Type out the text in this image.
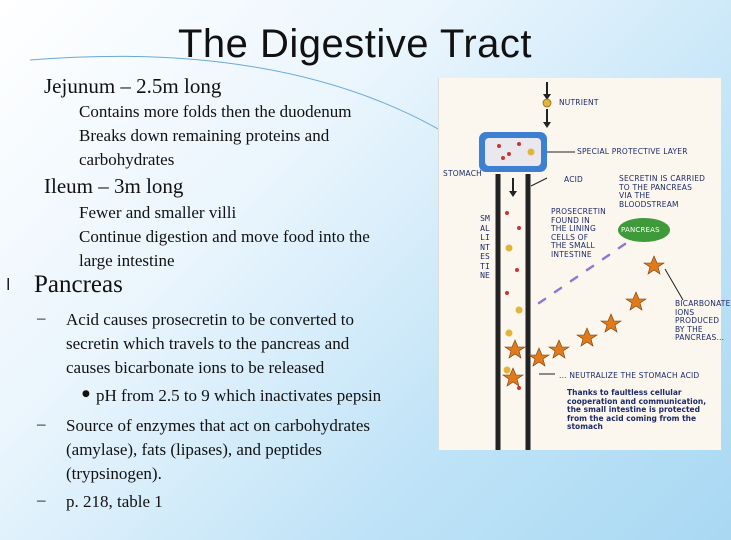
The Digestive Tract
Jejunum – 2.5m long
Contains more folds then the duodenum
Breaks down remaining proteins and
carbohydrates
Ileum – 3m long
Fewer and smaller villi
Continue digestion and move food into the
large intestine
l Pancreas
– Acid causes prosecretin to be converted to
secretin which travels to the pancreas and
causes bicarbonate ions to be released
● pH from 2.5 to 9 which inactivates pepsin
– Source of enzymes that act on carbohydrates
(amylase), fats (lipases), and peptides
(trypsinogen).
– p. 218, table 1
NUTRIENT
STOMACH
SPECIAL PROTECTIVE LAYER
ACID	SECRETIN IS CARRIED
TO THE PANCREAS
VIA THE
BLOODSTREAM
PROSECRETIN
FOUND IN
THE LINING
CELLS OF
THE SMALL
INTESTINE
PANCREAS
SMALLINTESTINE
BICARBONATE
IONS
PRODUCED
BY THE
PANCREAS...
... NEUTRALIZE THE STOMACH ACID
Thanks to faultless cellular
cooperation and communication,
the small intestine is protected
from the acid coming from the
stomach
